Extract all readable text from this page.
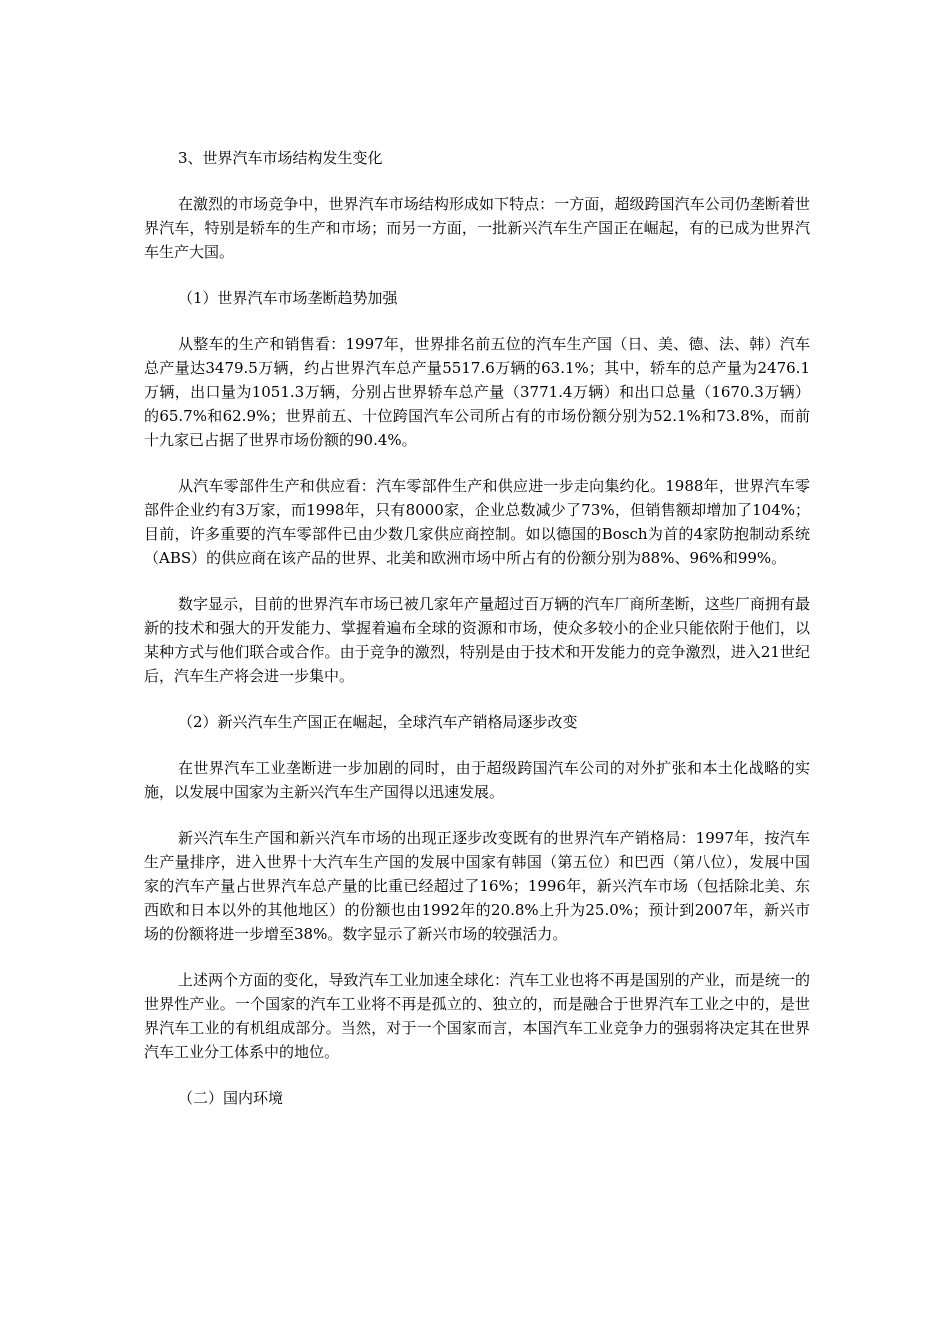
3、世界汽车市场结构发生变化

在激烈的市场竞争中，世界汽车市场结构形成如下特点：一方面，超级跨国汽车公司仍垄断着世界汽车，特别是轿车的生产和市场；而另一方面，一批新兴汽车生产国正在崛起，有的已成为世界汽车生产大国。

（1）世界汽车市场垄断趋势加强

从整车的生产和销售看：1997年，世界排名前五位的汽车生产国（日、美、德、法、韩）汽车总产量达3479.5万辆，约占世界汽车总产量5517.6万辆的63.1%；其中，轿车的总产量为2476.1万辆，出口量为1051.3万辆，分别占世界轿车总产量（3771.4万辆）和出口总量（1670.3万辆）的65.7%和62.9%；世界前五、十位跨国汽车公司所占有的市场份额分别为52.1%和73.8%，而前十九家已占据了世界市场份额的90.4%。

从汽车零部件生产和供应看：汽车零部件生产和供应进一步走向集约化。1988年，世界汽车零部件企业约有3万家，而1998年，只有8000家，企业总数减少了73%，但销售额却增加了104%；目前，许多重要的汽车零部件已由少数几家供应商控制。如以德国的Bosch为首的4家防抱制动系统（ABS）的供应商在该产品的世界、北美和欧洲市场中所占有的份额分别为88%、96%和99%。

数字显示，目前的世界汽车市场已被几家年产量超过百万辆的汽车厂商所垄断，这些厂商拥有最新的技术和强大的开发能力、掌握着遍布全球的资源和市场，使众多较小的企业只能依附于他们，以某种方式与他们联合或合作。由于竞争的激烈，特别是由于技术和开发能力的竞争激烈，进入21世纪后，汽车生产将会进一步集中。

（2）新兴汽车生产国正在崛起，全球汽车产销格局逐步改变

在世界汽车工业垄断进一步加剧的同时，由于超级跨国汽车公司的对外扩张和本土化战略的实施，以发展中国家为主新兴汽车生产国得以迅速发展。

新兴汽车生产国和新兴汽车市场的出现正逐步改变既有的世界汽车产销格局：1997年，按汽车生产量排序，进入世界十大汽车生产国的发展中国家有韩国（第五位）和巴西（第八位），发展中国家的汽车产量占世界汽车总产量的比重已经超过了16%；1996年，新兴汽车市场（包括除北美、东西欧和日本以外的其他地区）的份额也由1992年的20.8%上升为25.0%；预计到2007年，新兴市场的份额将进一步增至38%。数字显示了新兴市场的较强活力。

上述两个方面的变化，导致汽车工业加速全球化：汽车工业也将不再是国别的产业，而是统一的世界性产业。一个国家的汽车工业将不再是孤立的、独立的，而是融合于世界汽车工业之中的，是世界汽车工业的有机组成部分。当然，对于一个国家而言，本国汽车工业竞争力的强弱将决定其在世界汽车工业分工体系中的地位。

（二）国内环境
